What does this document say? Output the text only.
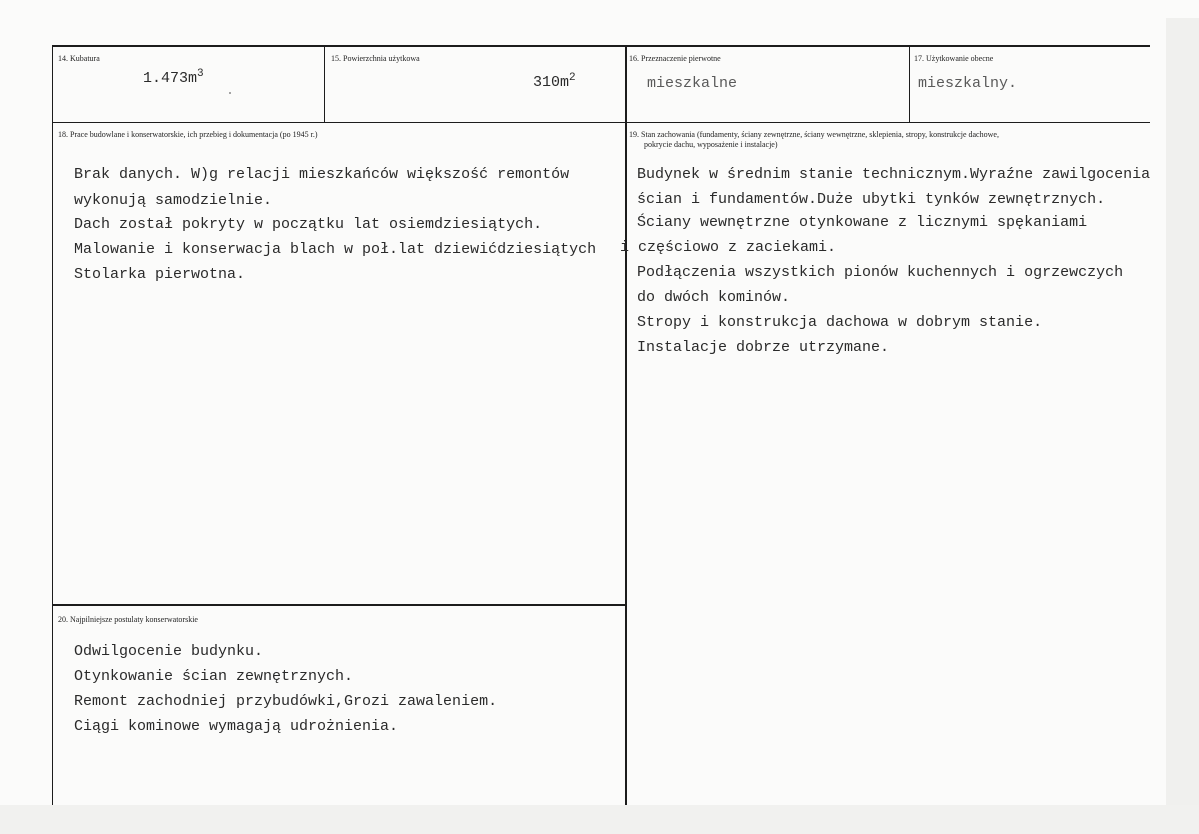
14. Kubatura
$1.473m^3$
15. Powierzchnia użytkowa
$310m^2$
16. Przeznaczenie pierwotne
mieszkalne
17. Użytkowanie obecne
mieszkalny.
18. Prace budowlane i konserwatorskie, ich przebieg i dokumentacja (po 1945 r.)
Brak danych. W)g relacji mieszkańców większość remontów
wykonują samodzielnie.
Dach został pokryty w początku lat osiemdziesiątych.
Malowanie i konserwacja blach w poł.lat dziewićdziesiątych
Stolarka pierwotna.
19. Stan zachowania (fundamenty, ściany zewnętrzne, ściany wewnętrzne, sklepienia, stropy, konstrukcje dachowe,
pokrycie dachu, wyposażenie i instalacje)
Budynek w średnim stanie technicznym.Wyraźne zawilgocenia
ścian i fundamentów.Duże ubytki tynków zewnętrznych.
Ściany wewnętrzne otynkowane z licznymi spękaniami
i częściowo z zaciekami.
Podłączenia wszystkich pionów kuchennych i ogrzewczych
do dwóch kominów.
Stropy i konstrukcja dachowa w dobrym stanie.
Instalacje dobrze utrzymane.
20. Najpilniejsze postulaty konserwatorskie
Odwilgocenie budynku.
Otynkowanie ścian zewnętrznych.
Remont zachodniej przybudówki,Grozi zawaleniem.
Ciągi kominowe wymagają udrożnienia.
